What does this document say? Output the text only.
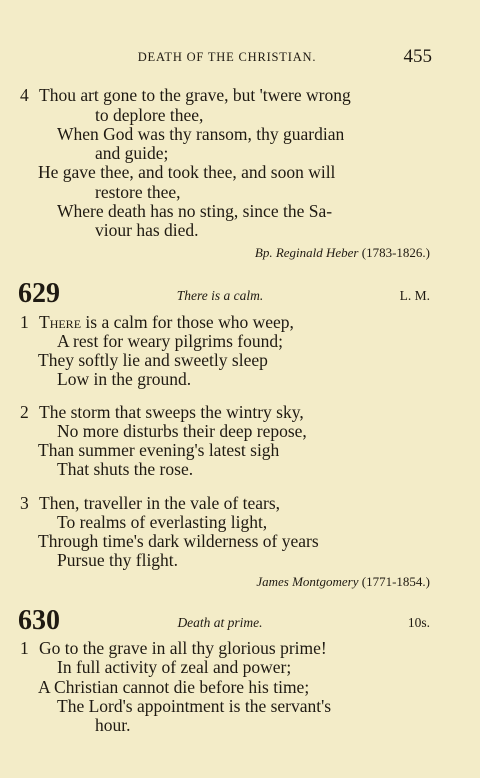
DEATH OF THE CHRISTIAN.	455
4 Thou art gone to the grave, but 'twere wrong
to deplore thee,
When God was thy ransom, thy guardian
and guide;
He gave thee, and took thee, and soon will
restore thee,
Where death has no sting, since the Sa-
viour has died.
Bp. Reginald Heber (1783-1826.)
629	There is a calm.	L. M.
1 There is a calm for those who weep,
A rest for weary pilgrims found;
They softly lie and sweetly sleep
Low in the ground.
2 The storm that sweeps the wintry sky,
No more disturbs their deep repose,
Than summer evening's latest sigh
That shuts the rose.
3 Then, traveller in the vale of tears,
To realms of everlasting light,
Through time's dark wilderness of years
Pursue thy flight.
James Montgomery (1771-1854.)
630	Death at prime.	10s.
1 Go to the grave in all thy glorious prime!
In full activity of zeal and power;
A Christian cannot die before his time;
The Lord's appointment is the servant's
hour.
